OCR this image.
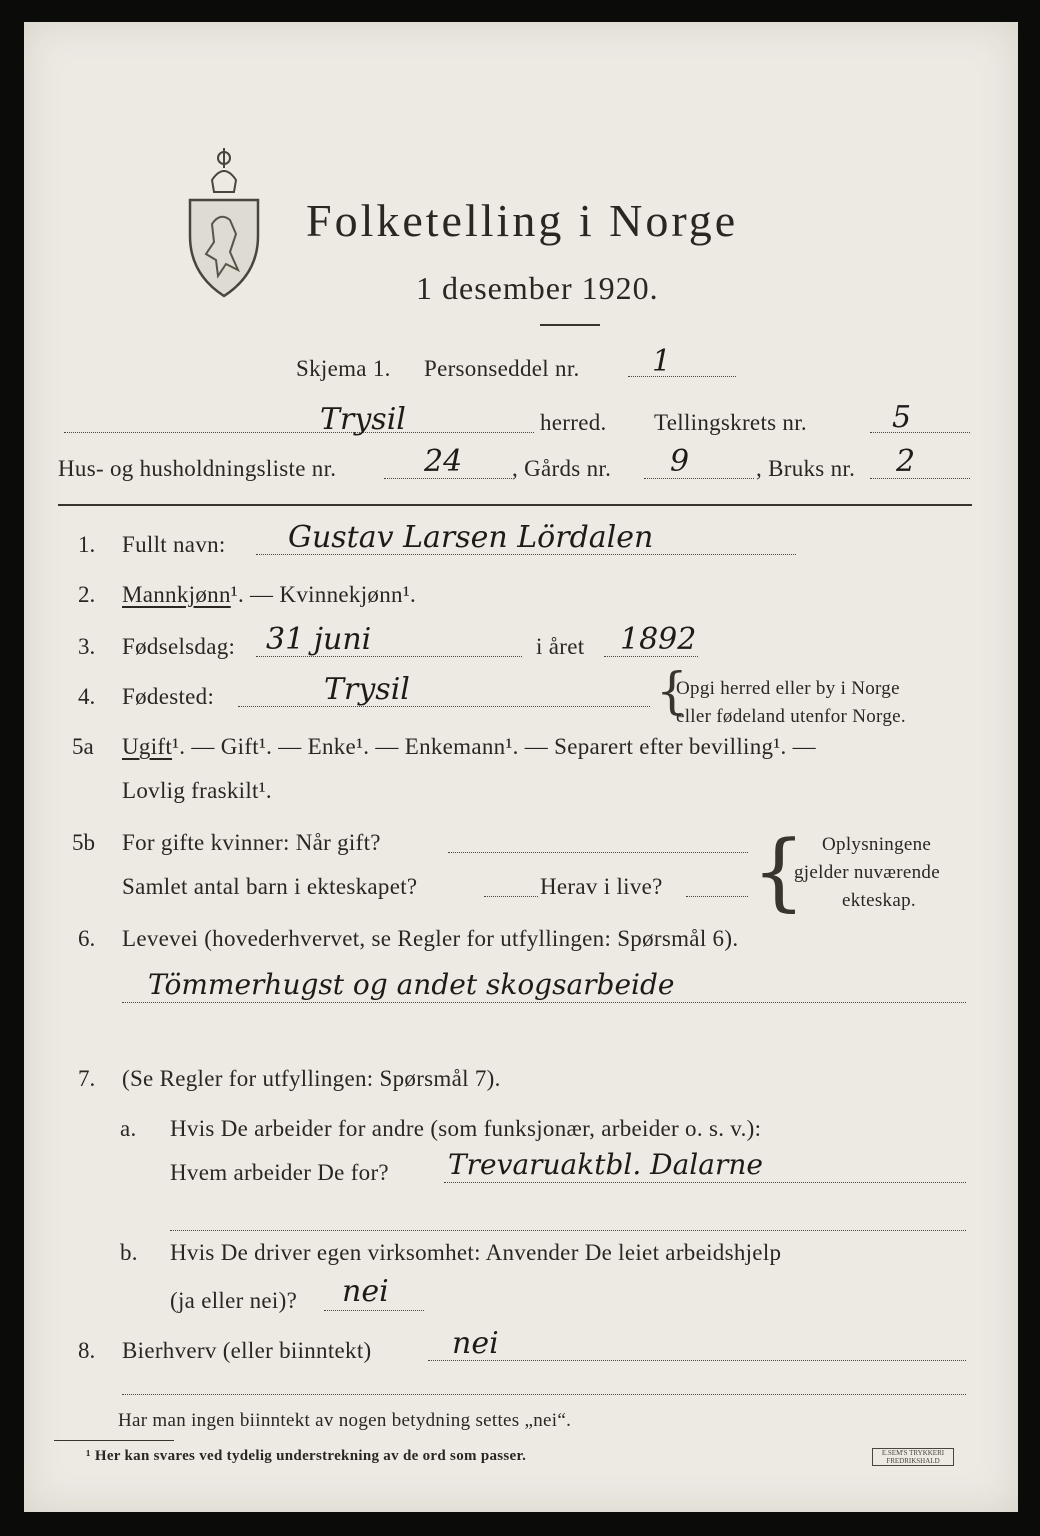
Folketelling i Norge
1 desember 1920.
Skjema 1. Personseddel nr. 1
Trysil	herred. Tellingskrets nr.	5
Hus- og husholdningsliste nr.	24 , Gårds nr. 9	, Bruks nr. 2
1. Fullt navn: Gustav Larsen Lördalen
2. Mannkjønn¹. — Kvinnekjønn¹.
3. Fødselsdag: 31 juni	i året 1892
4. Fødested:	Trysil	{
Opgi herred eller by i Norge
eller fødeland utenfor Norge.
5a Ugift¹. — Gift¹. — Enke¹. — Enkemann¹. — Separert efter bevilling¹. —
Lovlig fraskilt¹.
5b For gifte kvinner: Når gift?
Samlet antal barn i ekteskapet?	Herav i live? { Oplysningene
gjelder nuværende
ekteskap.
6. Levevei (hovederhvervet, se Regler for utfyllingen: Spørsmål 6).
Tömmerhugst og andet skogsarbeide
7. (Se Regler for utfyllingen: Spørsmål 7).
a. Hvis De arbeider for andre (som funksjonær, arbeider o. s. v.):
Hvem arbeider De for? Trevaruaktbl. Dalarne
b. Hvis De driver egen virksomhet: Anvender De leiet arbeidshjelp
(ja eller nei)? nei
8. Bierhverv (eller biinntekt)	nei
Har man ingen biinntekt av nogen betydning settes „nei“.
¹ Her kan svares ved tydelig understrekning av de ord som passer.	E.SEM'S TRYKKERI FREDRIKSHALD
